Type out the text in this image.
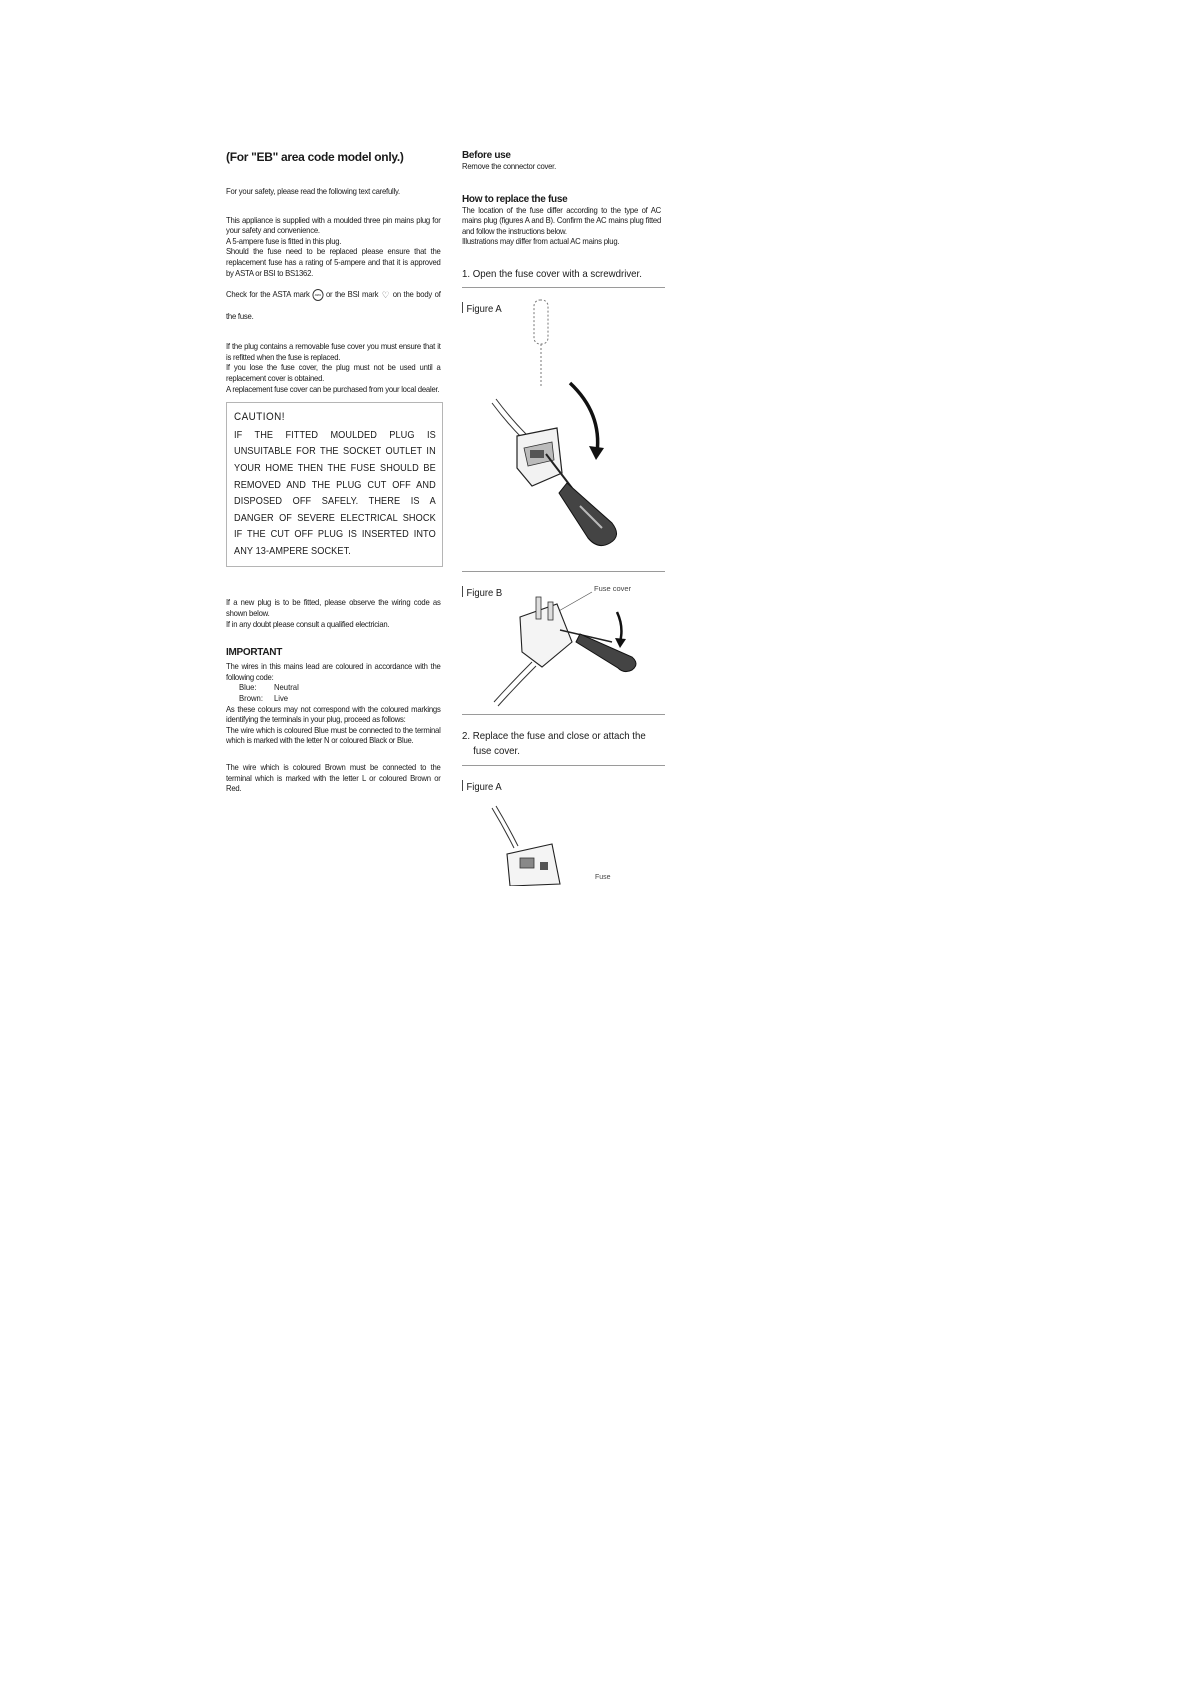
(For "EB" area code model only.)

For your safety, please read the following text carefully.

This appliance is supplied with a moulded three pin mains plug for your safety and convenience.

A 5-ampere fuse is fitted in this plug.

Should the fuse need to be replaced please ensure that the replacement fuse has a rating of 5-ampere and that it is approved by ASTA or BSI to BS1362.

Check for the ASTA mark ASTA or the BSI mark ♡ on the body of the fuse.

If the plug contains a removable fuse cover you must ensure that it is refitted when the fuse is replaced.

If you lose the fuse cover, the plug must not be used until a replacement cover is obtained.

A replacement fuse cover can be purchased from your local dealer.

CAUTION!

IF THE FITTED MOULDED PLUG IS UNSUITABLE FOR THE SOCKET OUTLET IN YOUR HOME THEN THE FUSE SHOULD BE REMOVED AND THE PLUG CUT OFF AND DISPOSED OFF SAFELY. THERE IS A DANGER OF SEVERE ELECTRICAL SHOCK IF THE CUT OFF PLUG IS INSERTED INTO ANY 13-AMPERE SOCKET.

If a new plug is to be fitted, please observe the wiring code as shown below.

If in any doubt please consult a qualified electrician.

IMPORTANT

The wires in this mains lead are coloured in accordance with the following code:

Blue: Neutral
Brown: Live

As these colours may not correspond with the coloured markings identifying the terminals in your plug, proceed as follows:

The wire which is coloured Blue must be connected to the terminal which is marked with the letter N or coloured Black or Blue.

The wire which is coloured Brown must be connected to the terminal which is marked with the letter L or coloured Brown or Red.

Before use

Remove the connector cover.

How to replace the fuse

The location of the fuse differ according to the type of AC mains plug (figures A and B). Confirm the AC mains plug fitted and follow the instructions below.

Illustrations may differ from actual AC mains plug.

1. Open the fuse cover with a screwdriver.

Figure A

Figure B	Fuse cover

2. Replace the fuse and close or attach the fuse cover.

Figure A

Fuse
